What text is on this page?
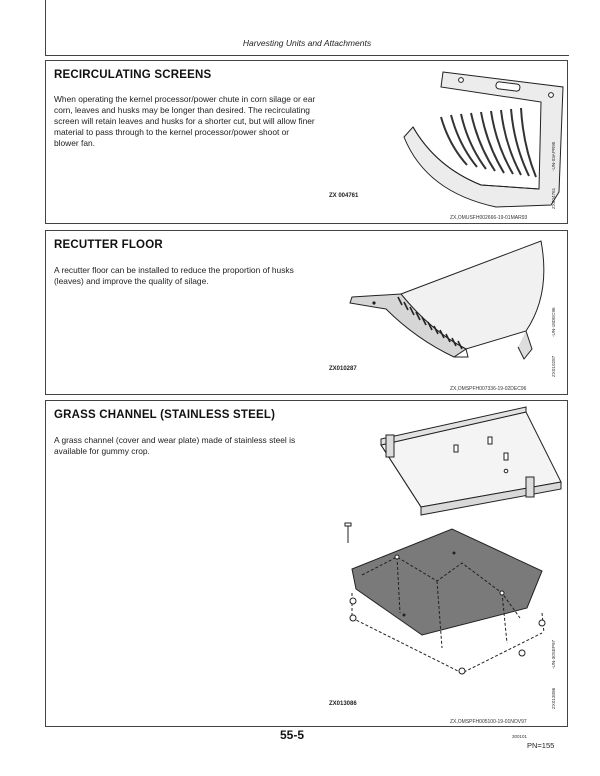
Harvesting Units and Attachments
RECIRCULATING SCREENS
When operating the kernel processor/power chute in corn silage or ear corn, leaves and husks may be longer than desired. The recirculating screen will retain leaves and husks for a shorter cut, but will allow finer material to pass through to the kernel processor/power shoot or blower fan.
ZX 004761
ZX,OMUSFH002666-19-01MAR93
ZX004761
-UN-03APR95
RECUTTER FLOOR
A recutter floor can be installed to reduce the proportion of husks (leaves) and improve the quality of silage.
ZX010287
ZX,OMSPFH007336-19-02DEC96
ZX010287
-UN-18DEC96
GRASS CHANNEL (STAINLESS STEEL)
A grass channel (cover and wear plate) made of stainless steel is available for gummy crop.
ZX013086
ZX,OMSPFH005100-19-01NOV97
ZX013086
-UN-30SEP97
55-5	300101
PN=155
